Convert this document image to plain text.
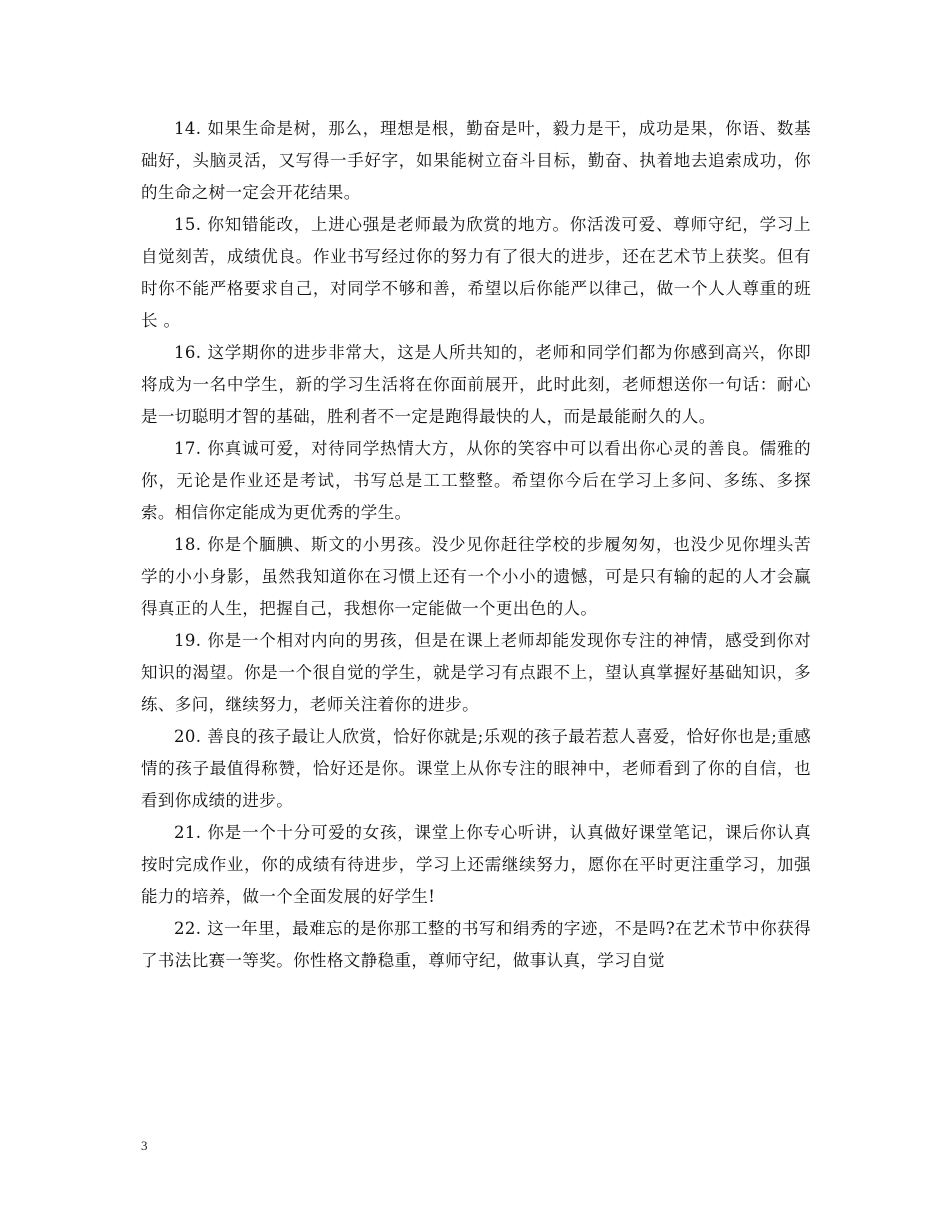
14. 如果生命是树，那么，理想是根，勤奋是叶，毅力是干，成功是果，你语、数基础好，头脑灵活，又写得一手好字，如果能树立奋斗目标，勤奋、执着地去追索成功，你的生命之树一定会开花结果。

15. 你知错能改，上进心强是老师最为欣赏的地方。你活泼可爱、尊师守纪，学习上自觉刻苦，成绩优良。作业书写经过你的努力有了很大的进步，还在艺术节上获奖。但有时你不能严格要求自己，对同学不够和善，希望以后你能严以律己，做一个人人尊重的班长 。

16. 这学期你的进步非常大，这是人所共知的，老师和同学们都为你感到高兴，你即将成为一名中学生，新的学习生活将在你面前展开，此时此刻，老师想送你一句话：耐心是一切聪明才智的基础，胜利者不一定是跑得最快的人，而是最能耐久的人。

17. 你真诚可爱，对待同学热情大方，从你的笑容中可以看出你心灵的善良。儒雅的你，无论是作业还是考试，书写总是工工整整。希望你今后在学习上多问、多练、多探索。相信你定能成为更优秀的学生。

18. 你是个腼腆、斯文的小男孩。没少见你赶往学校的步履匆匆，也没少见你埋头苦学的小小身影，虽然我知道你在习惯上还有一个小小的遗憾，可是只有输的起的人才会赢得真正的人生，把握自己，我想你一定能做一个更出色的人。

19. 你是一个相对内向的男孩，但是在课上老师却能发现你专注的神情，感受到你对知识的渴望。你是一个很自觉的学生，就是学习有点跟不上，望认真掌握好基础知识，多练、多问，继续努力，老师关注着你的进步。

20. 善良的孩子最让人欣赏，恰好你就是;乐观的孩子最若惹人喜爱，恰好你也是;重感情的孩子最值得称赞，恰好还是你。课堂上从你专注的眼神中，老师看到了你的自信，也看到你成绩的进步。

21. 你是一个十分可爱的女孩，课堂上你专心听讲，认真做好课堂笔记，课后你认真按时完成作业，你的成绩有待进步，学习上还需继续努力，愿你在平时更注重学习，加强能力的培养，做一个全面发展的好学生!

22. 这一年里，最难忘的是你那工整的书写和绢秀的字迹，不是吗?在艺术节中你获得了书法比赛一等奖。你性格文静稳重，尊师守纪，做事认真，学习自觉

3
